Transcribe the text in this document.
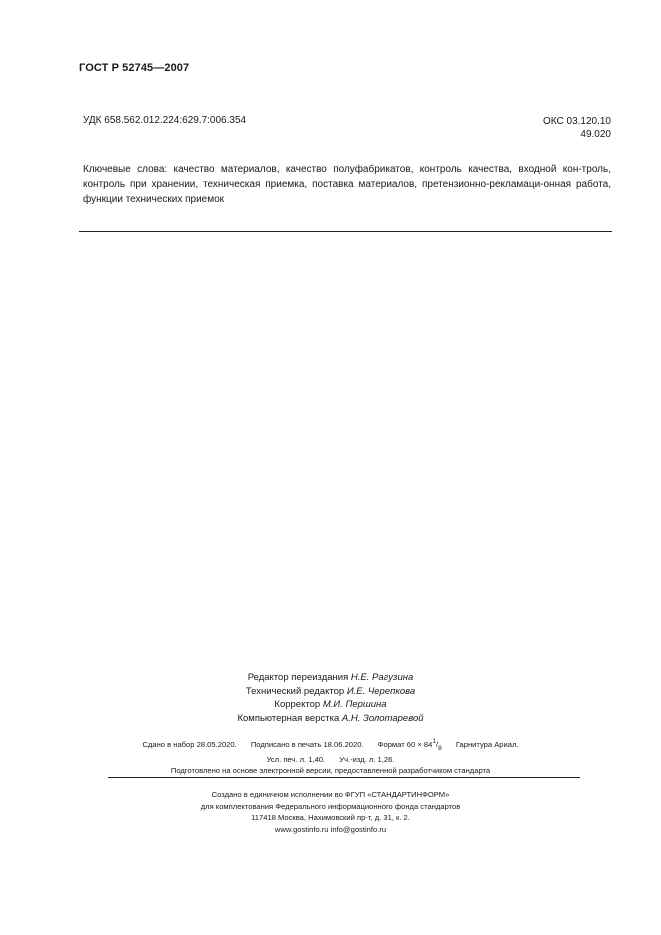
ГОСТ Р 52745—2007
УДК 658.562.012.224:629.7:006.354	ОКС 03.120.10
49.020
Ключевые слова: качество материалов, качество полуфабрикатов, контроль качества, входной кон-троль, контроль при хранении, техническая приемка, поставка материалов, претензионно-рекламаци-онная работа, функции технических приемок
Редактор переиздания Н.Е. Рагузина
Технический редактор И.Е. Черепкова
Корректор М.И. Першина
Компьютерная верстка А.Н. Золотаревой
Сдано в набор 28.05.2020. Подписано в печать 18.06.2020. Формат $60 \times 84^1/_8$ Гарнитура Ариал.
Усл. печ. л. 1,40. Уч.-изд. л. 1,26.
Подготовлено на основе электронной версии, предоставленной разработчиком стандарта
Создано в единичном исполнении во ФГУП «СТАНДАРТИНФОРМ»
для комплектования Федерального информационного фонда стандартов
117418 Москва, Нахимовский пр-т, д. 31, к. 2.
www.gostinfo.ru info@gostinfo.ru
